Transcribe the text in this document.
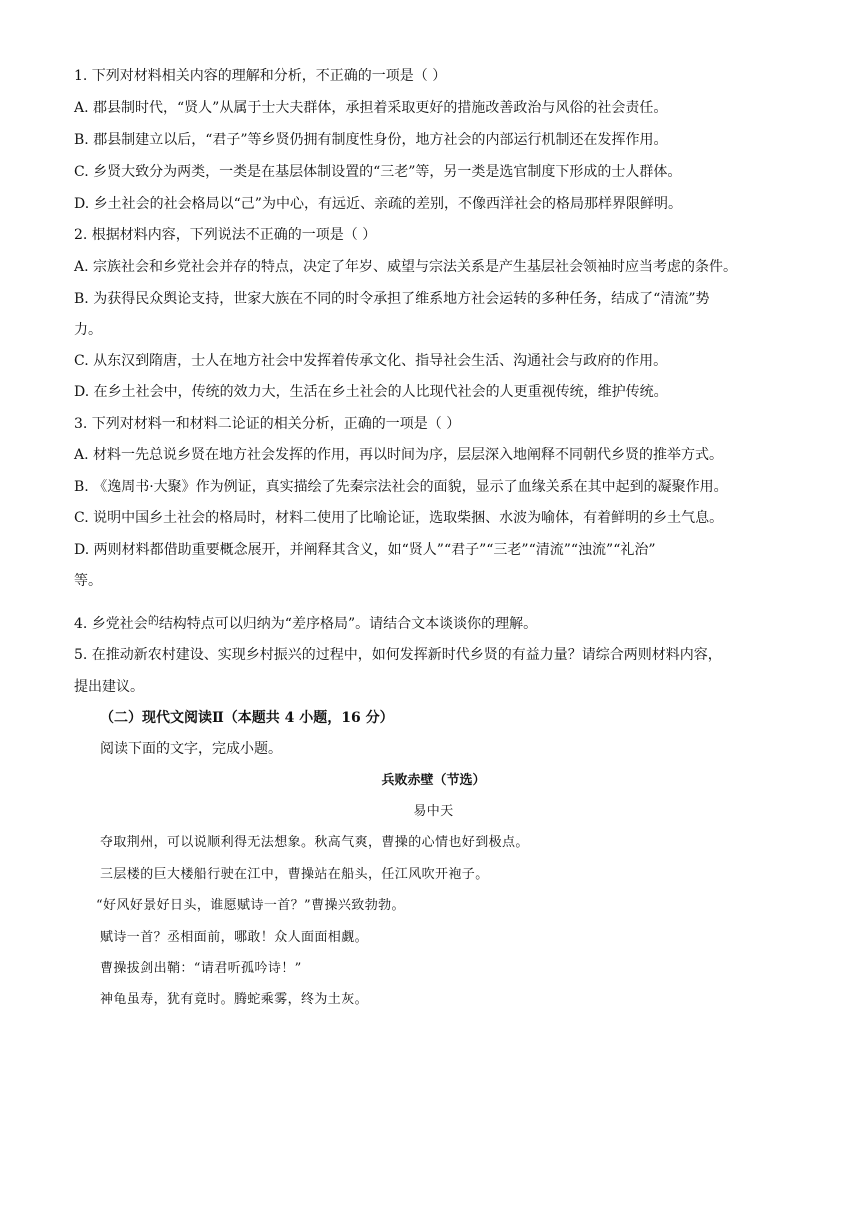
1. 下列对材料相关内容的理解和分析，不正确的一项是（ ）
A. 郡县制时代，“贤人”从属于士大夫群体，承担着采取更好的措施改善政治与风俗的社会责任。
B. 郡县制建立以后，“君子”等乡贤仍拥有制度性身份，地方社会的内部运行机制还在发挥作用。
C. 乡贤大致分为两类，一类是在基层体制设置的“三老”等，另一类是选官制度下形成的士人群体。
D. 乡土社会的社会格局以“己”为中心，有远近、亲疏的差别，不像西洋社会的格局那样界限鲜明。
2. 根据材料内容，下列说法不正确的一项是（ ）
A. 宗族社会和乡党社会并存的特点，决定了年岁、威望与宗法关系是产生基层社会领袖时应当考虑的条件。
B. 为获得民众舆论支持，世家大族在不同的时令承担了维系地方社会运转的多种任务，结成了“清流”势
力。
C. 从东汉到隋唐，士人在地方社会中发挥着传承文化、指导社会生活、沟通社会与政府的作用。
D. 在乡土社会中，传统的效力大，生活在乡土社会的人比现代社会的人更重视传统，维护传统。
3. 下列对材料一和材料二论证的相关分析，正确的一项是（ ）
A. 材料一先总说乡贤在地方社会发挥的作用，再以时间为序，层层深入地阐释不同朝代乡贤的推举方式。
B. 《逸周书·大聚》作为例证，真实描绘了先秦宗法社会的面貌，显示了血缘关系在其中起到的凝聚作用。
C. 说明中国乡土社会的格局时，材料二使用了比喻论证，选取柴捆、水波为喻体，有着鲜明的乡土气息。
D. 两则材料都借助重要概念展开，并阐释其含义，如“贤人”“君子”“三老”“清流”“浊流”“礼治”
等。
4. 乡党社会$^的$结构特点可以归纳为“差序格局”。请结合文本谈谈你的理解。
5. 在推动新农村建设、实现乡村振兴的过程中，如何发挥新时代乡贤的有益力量？请综合两则材料内容，
提出建议。
（二）现代文阅读Ⅱ（本题共 4 小题，16 分）
阅读下面的文字，完成小题。
兵败赤壁（节选）
易中天
夺取荆州，可以说顺利得无法想象。秋高气爽，曹操的心情也好到极点。
三层楼的巨大楼船行驶在江中，曹操站在船头，任江风吹开袍子。
“好风好景好日头，谁愿赋诗一首？”曹操兴致勃勃。
赋诗一首？丞相面前，哪敢！众人面面相觑。
曹操拔剑出鞘：“请君听孤吟诗！”
神龟虽寿，犹有竟时。腾蛇乘雾，终为土灰。
